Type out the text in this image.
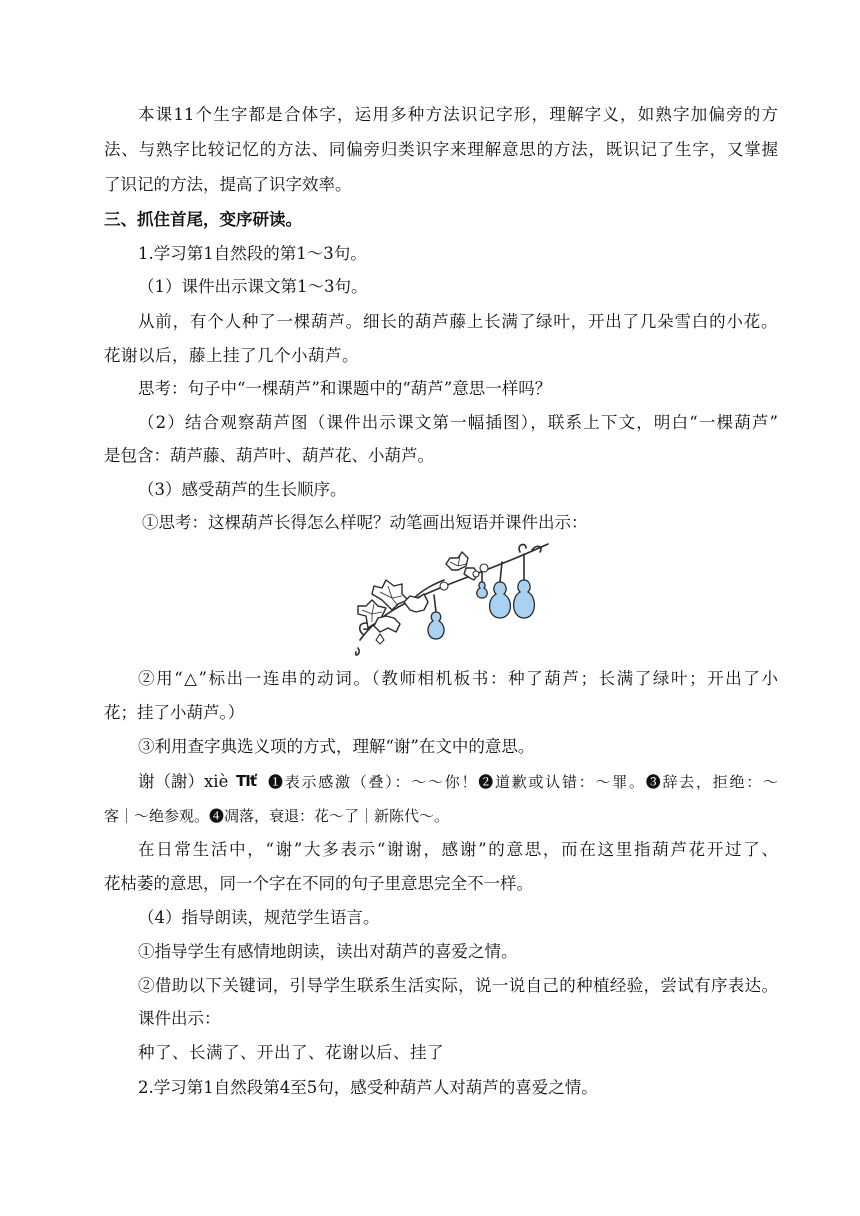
本课11个生字都是合体字，运用多种方法识记字形，理解字义，如熟字加偏旁的方
法、与熟字比较记忆的方法、同偏旁归类识字来理解意思的方法，既识记了生字，又掌握
了识记的方法，提高了识字效率。
三、抓住首尾，变序研读。
1.学习第1自然段的第1～3句。
（1）课件出示课文第1～3句。
从前，有个人种了一棵葫芦。细长的葫芦藤上长满了绿叶，开出了几朵雪白的小花。
花谢以后，藤上挂了几个小葫芦。
思考：句子中“一棵葫芦”和课题中的“葫芦”意思一样吗？
（2）结合观察葫芦图（课件出示课文第一幅插图），联系上下文，明白“一棵葫芦”
是包含：葫芦藤、葫芦叶、葫芦花、小葫芦。
（3）感受葫芦的生长顺序。
①思考：这棵葫芦长得怎么样呢？动笔画出短语并课件出示：
②用“△”标出一连串的动词。（教师相机板书：种了葫芦；长满了绿叶；开出了小
花；挂了小葫芦。）
③利用查字典选义项的方式，理解“谢”在文中的意思。
谢（謝）xiè TIť ❶表示感激（叠）：～～你！❷道歉或认错：～罪。❸辞去，拒绝：～
客｜～绝参观。❹凋落，衰退：花～了｜新陈代～。
在日常生活中，“谢”大多表示“谢谢，感谢”的意思，而在这里指葫芦花开过了、
花枯萎的意思，同一个字在不同的句子里意思完全不一样。
（4）指导朗读，规范学生语言。
①指导学生有感情地朗读，读出对葫芦的喜爱之情。
②借助以下关键词，引导学生联系生活实际，说一说自己的种植经验，尝试有序表达。
课件出示：
种了、长满了、开出了、花谢以后、挂了
2.学习第1自然段第4至5句，感受种葫芦人对葫芦的喜爱之情。
